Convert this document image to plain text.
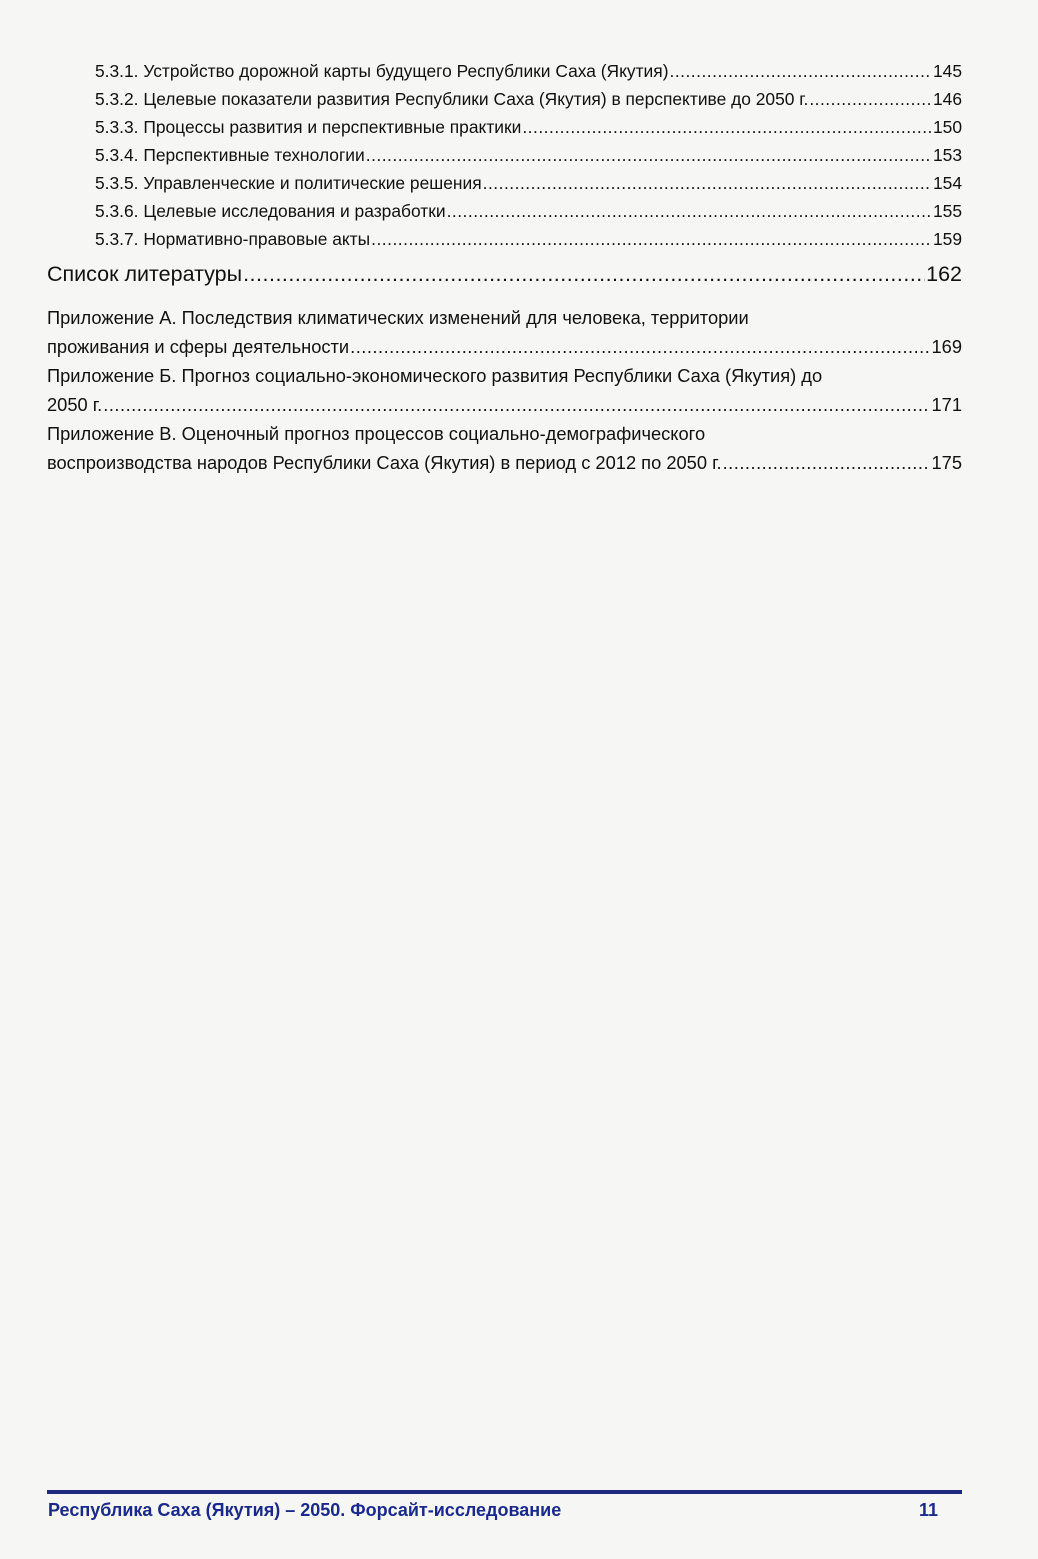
5.3.1. Устройство дорожной карты будущего Республики Саха (Якутия) .....	145
5.3.2. Целевые показатели развития Республики Саха (Якутия) в перспективе до 2050 г. .....	146
5.3.3. Процессы развития и перспективные практики .....	150
5.3.4. Перспективные технологии .....	153
5.3.5. Управленческие и политические решения .....	154
5.3.6. Целевые исследования и разработки .....	155
5.3.7. Нормативно-правовые акты .....	159
Список литературы .....	162
Приложение А. Последствия климатических изменений для человека, территории
проживания и сферы деятельности .....	169
Приложение Б. Прогноз социально-экономического развития Республики Саха (Якутия) до
2050 г. .....	171
Приложение В. Оценочный прогноз процессов социально-демографического
воспроизводства народов Республики Саха (Якутия) в период с 2012 по 2050 г. .....	175
Республика Саха (Якутия) – 2050. Форсайт-исследование	11
